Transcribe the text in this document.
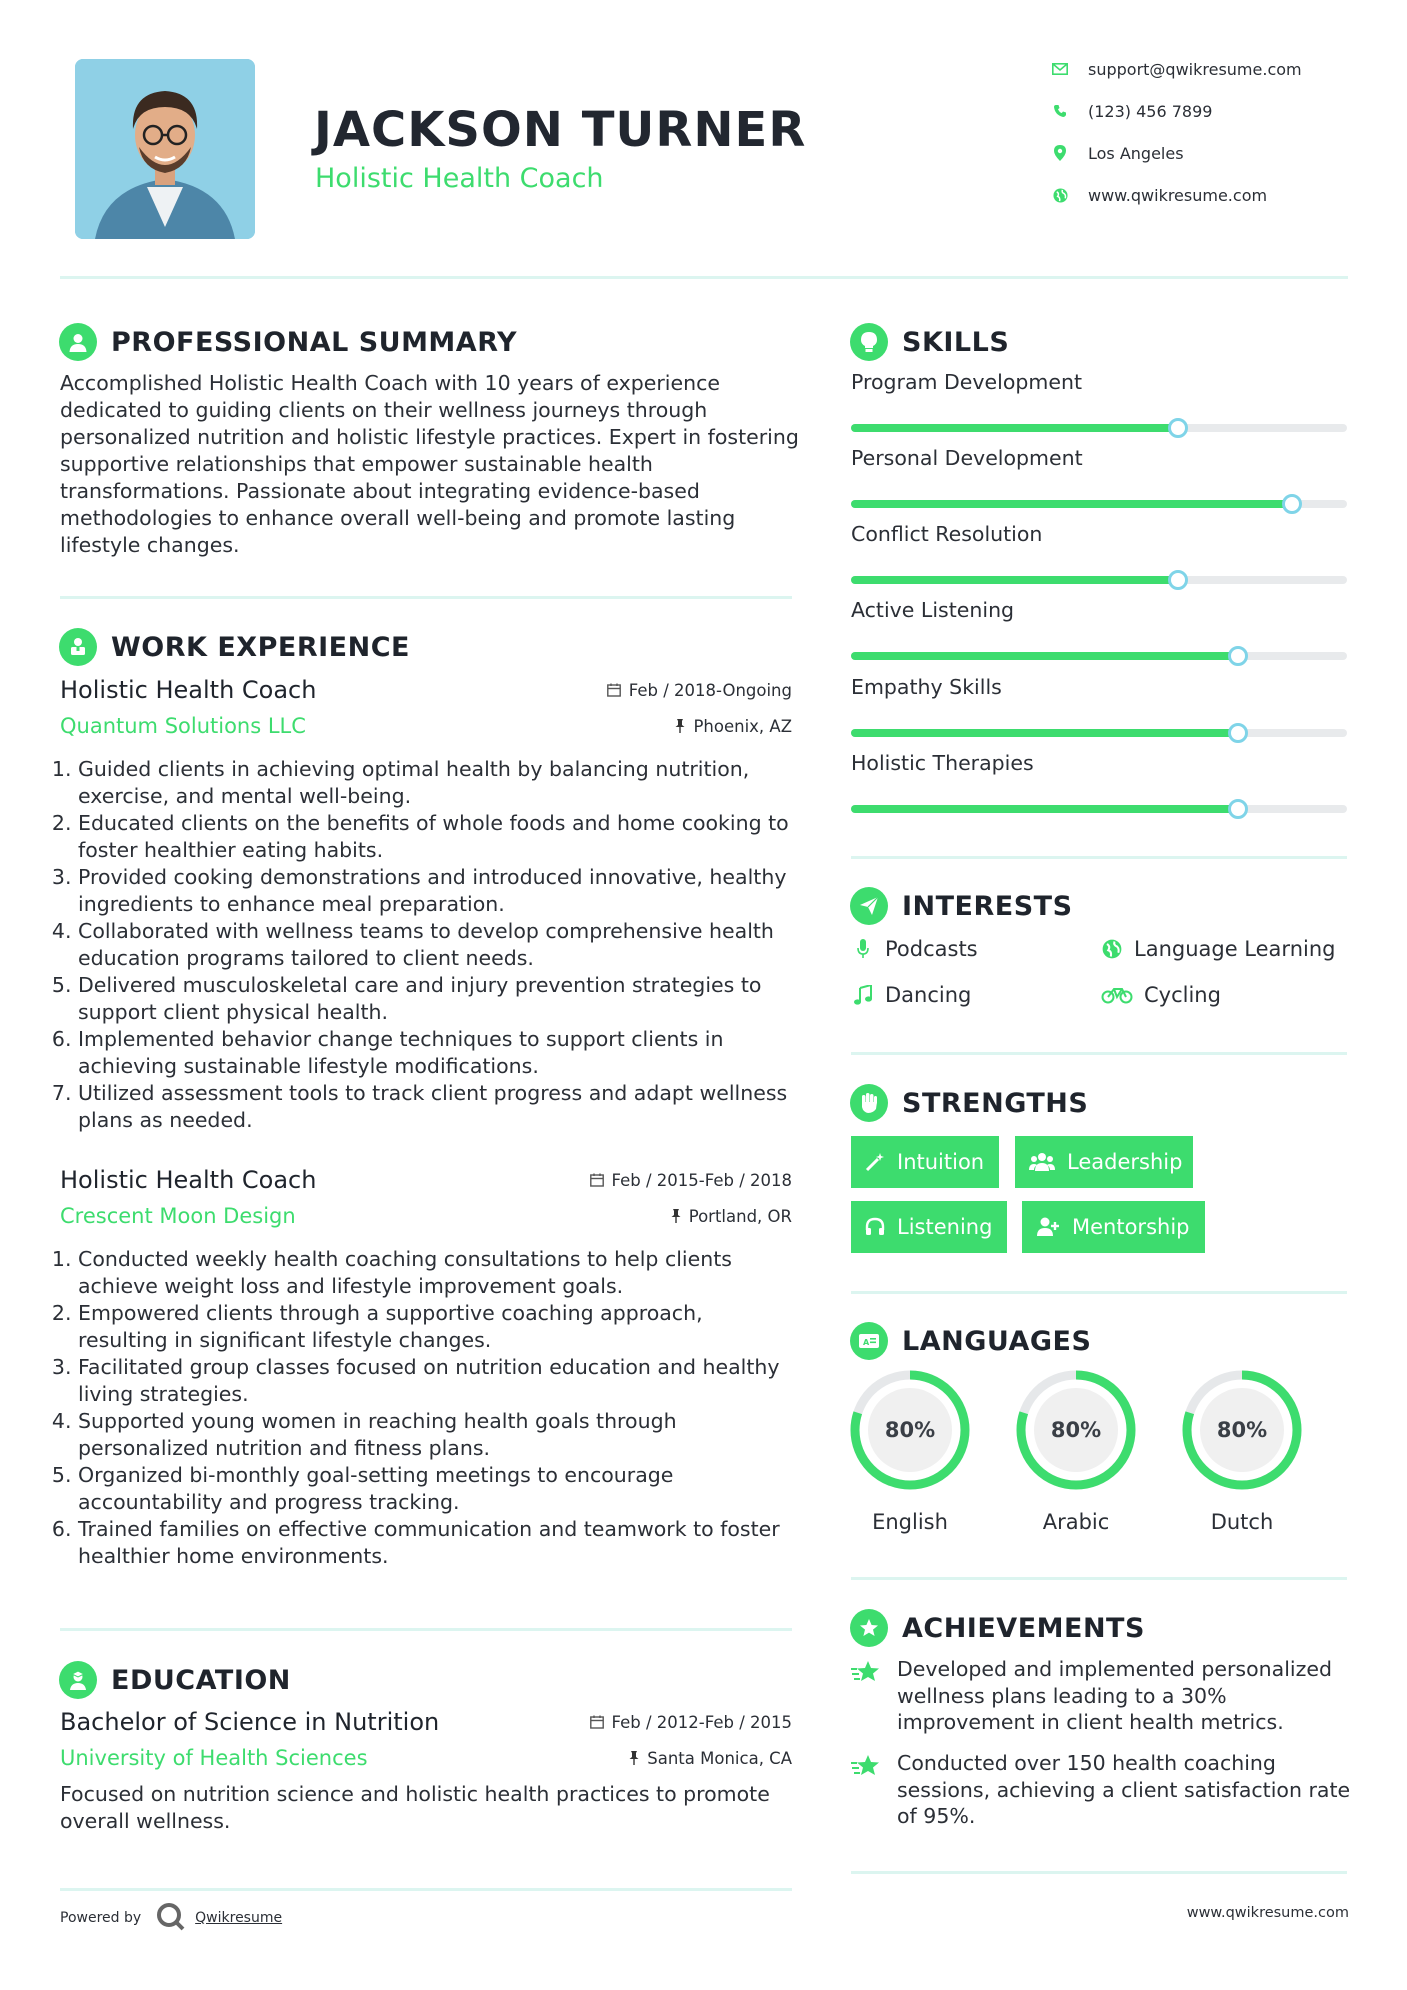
JACKSON TURNER
Holistic Health Coach
support@qwikresume.com
(123) 456 7899
Los Angeles
www.qwikresume.com
PROFESSIONAL SUMMARY
Accomplished Holistic Health Coach with 10 years of experience dedicated to guiding clients on their wellness journeys through personalized nutrition and holistic lifestyle practices. Expert in fostering supportive relationships that empower sustainable health transformations. Passionate about integrating evidence-based methodologies to enhance overall well-being and promote lasting lifestyle changes.
WORK EXPERIENCE
Holistic Health Coach	Feb / 2018-Ongoing
Quantum Solutions LLC	Phoenix, AZ
1. Guided clients in achieving optimal health by balancing nutrition, exercise, and mental well-being.
2. Educated clients on the benefits of whole foods and home cooking to foster healthier eating habits.
3. Provided cooking demonstrations and introduced innovative, healthy ingredients to enhance meal preparation.
4. Collaborated with wellness teams to develop comprehensive health education programs tailored to client needs.
5. Delivered musculoskeletal care and injury prevention strategies to support client physical health.
6. Implemented behavior change techniques to support clients in achieving sustainable lifestyle modifications.
7. Utilized assessment tools to track client progress and adapt wellness plans as needed.
Holistic Health Coach	Feb / 2015-Feb / 2018
Crescent Moon Design	Portland, OR
1. Conducted weekly health coaching consultations to help clients achieve weight loss and lifestyle improvement goals.
2. Empowered clients through a supportive coaching approach, resulting in significant lifestyle changes.
3. Facilitated group classes focused on nutrition education and healthy living strategies.
4. Supported young women in reaching health goals through personalized nutrition and fitness plans.
5. Organized bi-monthly goal-setting meetings to encourage accountability and progress tracking.
6. Trained families on effective communication and teamwork to foster healthier home environments.
EDUCATION
Bachelor of Science in Nutrition	Feb / 2012-Feb / 2015
University of Health Sciences	Santa Monica, CA
Focused on nutrition science and holistic health practices to promote overall wellness.
SKILLS
Program Development
Personal Development
Conflict Resolution
Active Listening
Empathy Skills
Holistic Therapies
INTERESTS
Podcasts	Language Learning
Dancing	Cycling
STRENGTHS
Intuition	Leadership
Listening	Mentorship
A LANGUAGES
80%
English
80%
Arabic
80%
Dutch
ACHIEVEMENTS
Developed and implemented personalized wellness plans leading to a 30% improvement in client health metrics.
Conducted over 150 health coaching sessions, achieving a client satisfaction rate of 95%.
Powered by	Qwikresume	www.qwikresume.com
